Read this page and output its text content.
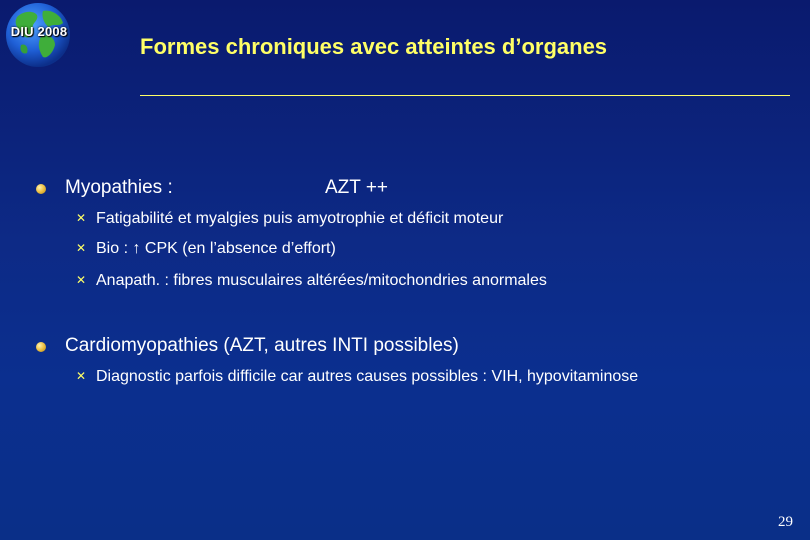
DIU 2008
Formes chroniques avec atteintes d’organes
Myopathies :	AZT ++
✕ Fatigabilité et myalgies puis amyotrophie et déficit moteur
✕ Bio : ↑ CPK (en l’absence d’effort)
✕ Anapath. : fibres musculaires altérées/mitochondries anormales
Cardiomyopathies (AZT, autres INTI possibles)
✕ Diagnostic parfois difficile car autres causes possibles : VIH, hypovitaminose
29
